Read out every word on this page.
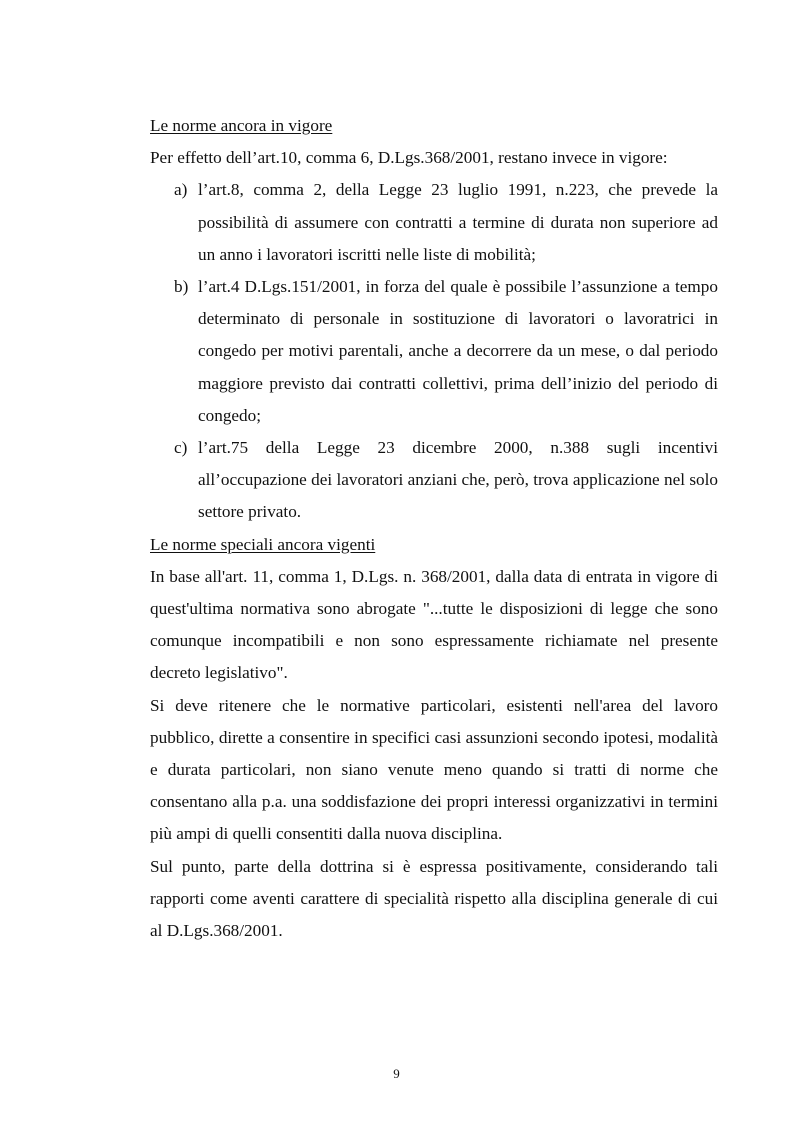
Le norme ancora in vigore

Per effetto dell’art.10, comma 6, D.Lgs.368/2001, restano invece in vigore:

a) l’art.8, comma 2, della Legge 23 luglio 1991, n.223, che prevede la possibilità di assumere con contratti a termine di durata non superiore ad un anno i lavoratori iscritti nelle liste di mobilità;
b) l’art.4 D.Lgs.151/2001, in forza del quale è possibile l’assunzione a tempo determinato di personale in sostituzione di lavoratori o lavoratrici in congedo per motivi parentali, anche a decorrere da un mese, o dal periodo maggiore previsto dai contratti collettivi, prima dell’inizio del periodo di congedo;
c) l’art.75 della Legge 23 dicembre 2000, n.388 sugli incentivi all’occupazione dei lavoratori anziani che, però, trova applicazione nel solo settore privato.

Le norme speciali ancora vigenti

In base all'art. 11, comma 1, D.Lgs. n. 368/2001, dalla data di entrata in vigore di quest'ultima normativa sono abrogate "...tutte le disposizioni di legge che sono comunque incompatibili e non sono espressamente richiamate nel presente decreto legislativo".

Si deve ritenere che le normative particolari, esistenti nell'area del lavoro pubblico, dirette a consentire in specifici casi assunzioni secondo ipotesi, modalità e durata particolari, non siano venute meno quando si tratti di norme che consentano alla p.a. una soddisfazione dei propri interessi organizzativi in termini più ampi di quelli consentiti dalla nuova disciplina.

Sul punto, parte della dottrina si è espressa positivamente, considerando tali rapporti come aventi carattere di specialità rispetto alla disciplina generale di cui al D.Lgs.368/2001.

9
